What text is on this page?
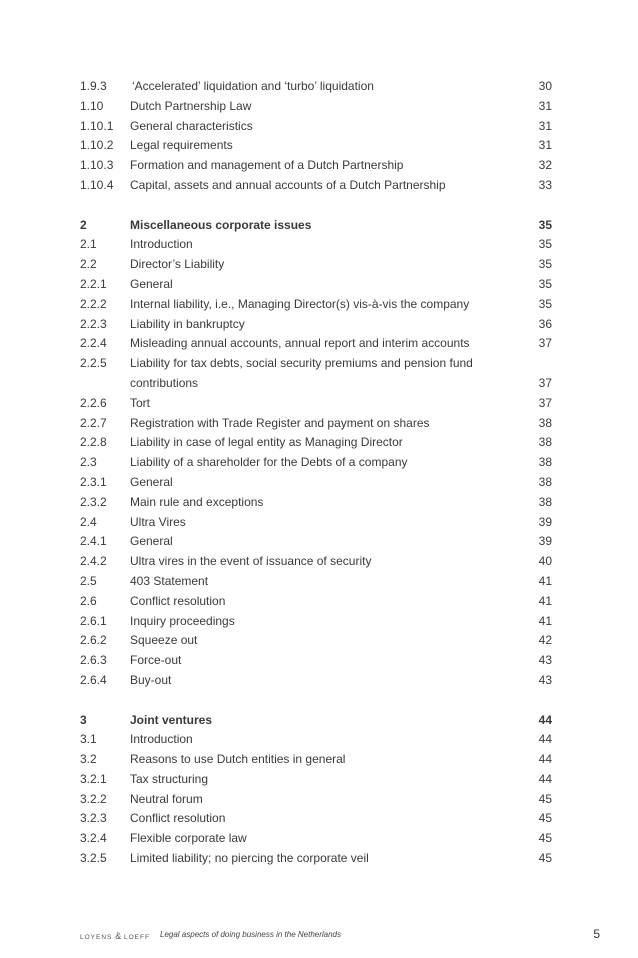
1.9.3 ‘Accelerated’ liquidation and ‘turbo’ liquidation	30
1.10 Dutch Partnership Law	31
1.10.1 General characteristics	31
1.10.2 Legal requirements	31
1.10.3 Formation and management of a Dutch Partnership	32
1.10.4 Capital, assets and annual accounts of a Dutch Partnership	33
2	Miscellaneous corporate issues	35
2.1	Introduction	35
2.2	Director’s Liability	35
2.2.1 General	35
2.2.2 Internal liability, i.e., Managing Director(s) vis-à-vis the company	35
2.2.3 Liability in bankruptcy	36
2.2.4 Misleading annual accounts, annual report and interim accounts	37
2.2.5 Liability for tax debts, social security premiums and pension fund contributions	37
2.2.6 Tort	37
2.2.7 Registration with Trade Register and payment on shares	38
2.2.8 Liability in case of legal entity as Managing Director	38
2.3	Liability of a shareholder for the Debts of a company	38
2.3.1 General	38
2.3.2 Main rule and exceptions	38
2.4	Ultra Vires	39
2.4.1 General	39
2.4.2 Ultra vires in the event of issuance of security	40
2.5	403 Statement	41
2.6	Conflict resolution	41
2.6.1 Inquiry proceedings	41
2.6.2 Squeeze out	42
2.6.3 Force-out	43
2.6.4 Buy-out	43
3	Joint ventures	44
3.1	Introduction	44
3.2	Reasons to use Dutch entities in general	44
3.2.1 Tax structuring	44
3.2.2 Neutral forum	45
3.2.3 Conflict resolution	45
3.2.4 Flexible corporate law	45
3.2.5 Limited liability; no piercing the corporate veil	45
LOYENS & LOEFF Legal aspects of doing business in the Netherlands	5
